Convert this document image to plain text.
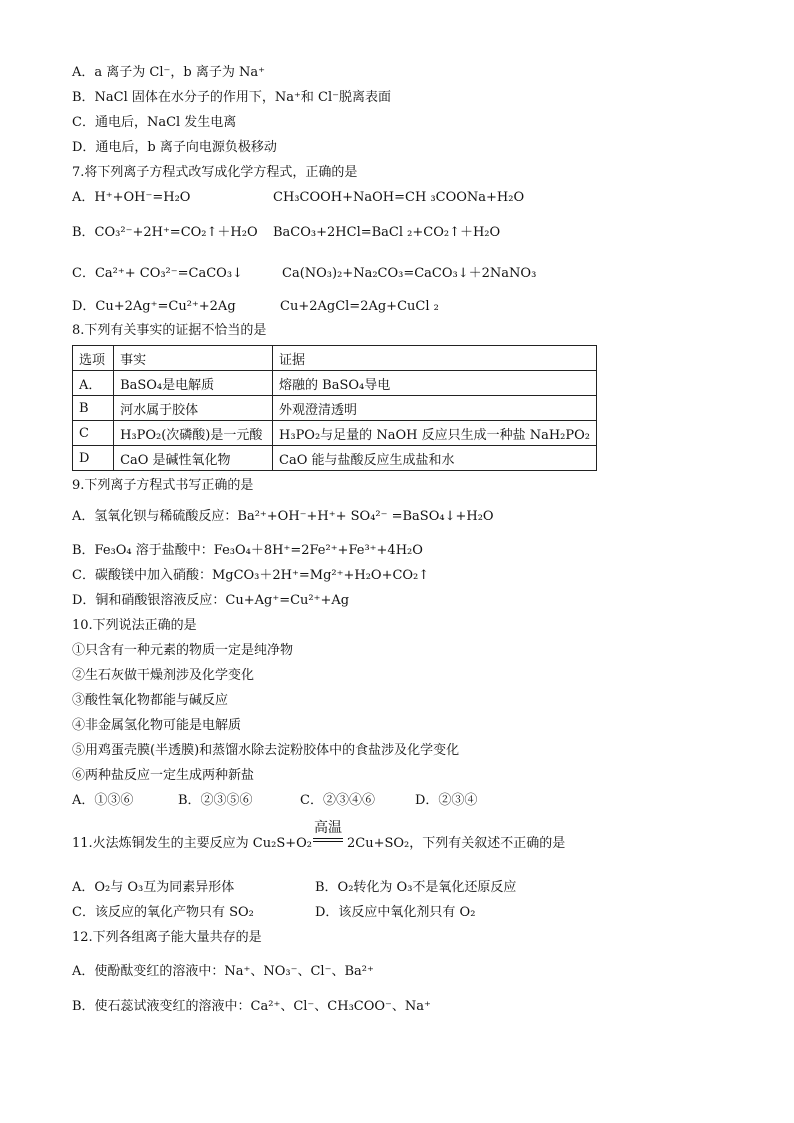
A．a 离子为 Cl⁻，b 离子为 Na⁺
B．NaCl 固体在水分子的作用下，Na⁺和 Cl⁻脱离表面
C．通电后，NaCl 发生电离
D．通电后，b 离子向电源负极移动
7.将下列离子方程式改写成化学方程式，正确的是
A．H⁺+OH⁻=H₂O	CH₃COOH+NaOH=CH ₃COONa+H₂O
B．CO₃²⁻+2H⁺=CO₂↑＋H₂O BaCO₃+2HCl=BaCl ₂+CO₂↑＋H₂O
C．Ca²⁺+ CO₃²⁻=CaCO₃↓	Ca(NO₃)₂+Na₂CO₃=CaCO₃↓＋2NaNO₃
D．Cu+2Ag⁺=Cu²⁺+2Ag	Cu+2AgCl=2Ag+CuCl ₂
8.下列有关事实的证据不恰当的是
选项	事实	证据
A．	BaSO₄是电解质	熔融的 BaSO₄导电
B	河水属于胶体	外观澄清透明
C	H₃PO₂(次磷酸)是一元酸	H₃PO₂与足量的 NaOH 反应只生成一种盐 NaH₂PO₂
D	CaO 是碱性氧化物	CaO 能与盐酸反应生成盐和水
9.下列离子方程式书写正确的是
A．氢氧化钡与稀硫酸反应：Ba²⁺+OH⁻+H⁺+ SO₄²⁻ =BaSO₄↓+H₂O
B．Fe₃O₄ 溶于盐酸中：Fe₃O₄＋8H⁺=2Fe²⁺+Fe³⁺+4H₂O
C．碳酸镁中加入硝酸：MgCO₃＋2H⁺=Mg²⁺+H₂O+CO₂↑
D．铜和硝酸银溶液反应：Cu+Ag⁺=Cu²⁺+Ag
10.下列说法正确的是
①只含有一种元素的物质一定是纯净物
②生石灰做干燥剂涉及化学变化
③酸性氧化物都能与碱反应
④非金属氢化物可能是电解质
⑤用鸡蛋壳膜(半透膜)和蒸馏水除去淀粉胶体中的食盐涉及化学变化
⑥两种盐反应一定生成两种新盐
A．①③⑥	B．②③⑤⑥	C．②③④⑥	D．②③④
高温
11.火法炼铜发生的主要反应为 Cu₂S+O₂	2Cu+SO₂，下列有关叙述不正确的是
A．O₂与 O₃互为同素异形体	B．O₂转化为 O₃不是氧化还原反应
C．该反应的氧化产物只有 SO₂	D．该反应中氧化剂只有 O₂
12.下列各组离子能大量共存的是
A．使酚酞变红的溶液中：Na⁺、NO₃⁻、Cl⁻、Ba²⁺
B．使石蕊试液变红的溶液中：Ca²⁺、Cl⁻、CH₃COO⁻、Na⁺
